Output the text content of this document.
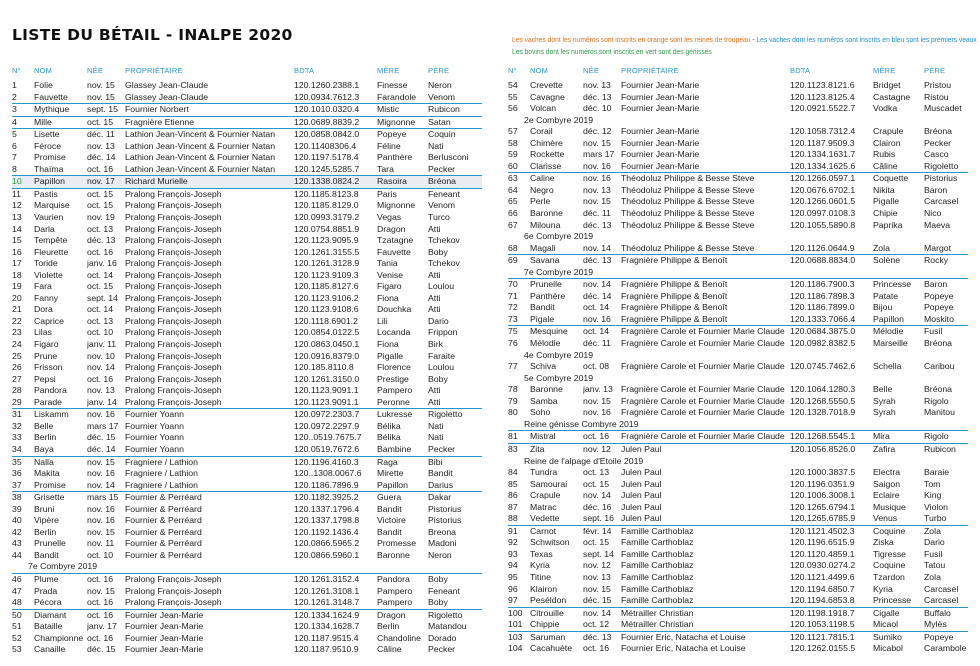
LISTE DU BÉTAIL - INALPE 2020	Les vaches dont les numéros sont inscrits en orange sont les reines de troupeau - Les vaches dont les numéros sont inscrits en bleu sont les premiers veaux
Les bovins dont les numéros sont inscrits en vert sont des génisses
N°	NOM	NÉE	PROPRIÉTAIRE	BDTA	MÈRE	PÈRE
1	Folie	nov. 15	Glassey Jean-Claude	120.1260.2388.1	Finesse	Neron
2	Fauvette	nov. 15	Glassey Jean-Claude	120.0934.7612.3	Farandole	Venom
3	Mythique	sept. 15 Fournier Norbert	120.1010.0320.4	Mistic	Rubicon
4	Mille	oct. 15	Fragnière Etienne	120.0689.8839.2	Mignonne	Satan
5	Lisette	déc. 11	Lathion Jean-Vincent & Fournier Natan	120.0858.0842.0	Popeye	Coquin
6	Féroce	nov. 13	Lathion Jean-Vincent & Fournier Natan	120.11408306.4	Féline	Nati
7	Promise	déc. 14	Lathion Jean-Vincent & Fournier Natan	120.1197.5178.4	Panthère	Berlusconi
8	Thaïma	oct. 16	Lathion Jean-Vincent & Fournier Natan	120.1245.5285.7	Tara	Pecker
10	Papillon	nov. 17	Richard Murielle	120.1338.0824.2	Rasoira	Bréona
11	Pastis	oct. 15	Pralong François-Joseph	120.1185.8123.8	Paris	Feneant
12	Marquise	oct. 15	Pralong François-Joseph	120.1185.8129.0	Mignonne	Venom
13	Vaurien	nov. 19	Pralong François-Joseph	120.0993.3179.2	Vegas	Turco
14	Darla	oct. 13	Pralong François-Joseph	120.0754.8851.9	Dragon	Atti
15	Tempête	déc. 13	Pralong François-Joseph	120.1123.9095.9	Tzatagne	Tchekov
16	Fleurette	oct. 16	Pralong François-Joseph	120.1261.3155.5	Fauvette	Boby
17	Toride	janv. 16 Pralong François-Joseph	120.1261.3128.9	Tania	Tchekov
18	Violette	oct. 14	Pralong François-Joseph	120.1123.9109.3	Venise	Atti
19	Fara	oct. 15	Pralong François-Joseph	120.1185.8127.6	Figaro	Loulou
20	Fanny	sept. 14 Pralong François-Joseph	120.1123.9106.2	Fiona	Atti
21	Dora	oct. 14	Pralong François-Joseph	120.1123.9108.6	Douchka	Atti
22	Caprice	oct. 13	Pralong François-Joseph	120.1118.6901.2	Lili	Dario
23	Lilas	oct. 10	Pralong François-Joseph	120.0854.0122.5	Locanda	Frippon
24	Figaro	janv. 11	Pralong François-Joseph	120.0863.0450.1	Fiona	Birk
25	Prune	nov. 10	Pralong François-Joseph	120.0916.8379.0	Pigalle	Faraite
26	Frisson	nov. 14	Pralong François-Joseph	120.185.8110.8	Florence	Loulou
27	Pepsi	oct. 16	Pralong François-Joseph	120.1261.3150.0	Prestige	Boby
28	Pandora	nov. 13	Pralong François-Joseph	120.1123.9091.1	Pampero	Atti
29	Parade	janv. 14 Pralong François-Joseph	120.1123.9091.1	Peronne	Atti
31	Liskamm	nov. 16	Fournier Yoann	120.0972.2303.7	Lukresse	Rigoletto
32	Belle	mars 17 Fournier Yoann	120.0972.2297.9	Bélika	Nati
33	Berlin	déc. 15	Fournier Yoann	120..0519.7675.7	Bélika	Nati
34	Baya	déc. 14	Fournier Yoann	120.0519.7672.6	Bambine	Pecker
35	Nalla	nov. 15	Fragniere / Lathion	120.1196.4160.3	Raga	Bibi
36	Makita	nov. 16	Fragniere / Lathion	120..1308.0067.6	Mirette	Bandit
37	Promise	nov. 14	Fragniere / Lathion	120.1186.7896.9	Papillon	Darius
38	Grisette	mars 15 Fournier & Perréard	120.1182.3925.2	Guera	Dakar
39	Bruni	nov. 16	Fournier & Perréard	120.1337.1796.4	Bandit	Pistorius
40	Vipère	nov. 16	Fournier & Perréard	120.1337.1798.8	Victoire	Pistorius
42	Berlin	nov. 15	Fournier & Perréard	120.1192.1436.4	Bandit	Breona
43	Prunelle	nov. 11	Fournier & Perréard	120.0866.5965.2	Promesse	Madoni
44	Bandit	oct. 10	Fournier & Perréard	120.0866.5960.1	Baronne	Neron
7e Combyre 2019
46	Plume	oct. 16	Pralong François-Joseph	120.1261.3152.4	Pandora	Boby
47	Prada	nov. 15	Pralong François-Joseph	120.1261.3108.1	Pampero	Feneant
48	Pécora	oct. 16	Pralong François-Joseph	120.1261.3148.7	Pampero	Boby
50	Diamant	oct. 16	Fournier Jean-Marie	120.1334.1624.9	Dragon	Rigoletto
51	Bataille	janv. 17 Fournier Jean-Marie	120.1334.1628.7	Berlin	Matandou
52	Championne oct. 16	Fournier Jean-Marie	120.1187.9515.4	Chandoline Dorado
53	Canaille	déc. 15	Fournier Jean-Marie	120.1187.9510.9	Câline	Pecker
N°	NOM	NÉE	PROPRIÉTAIRE	BDTA	MÈRE	PÈRE
54	Crevette	nov. 13	Fournier Jean-Marie	120.1123.8121.6	Bridget	Pristou
55	Cavagne	déc. 13	Fournier Jean-Marie	120.1123.8125.4	Castagne	Ristou
56	Volcan	déc. 10	Fournier Jean-Marie	120.0921.5522.7	Vodka	Muscadet
2e Combyre 2019
57	Corail	déc. 12	Fournier Jean-Marie	120.1058.7312.4	Crapule	Bréona
58	Chimère	nov. 15	Fournier Jean-Marie	120.1187.9509.3	Clairon	Pecker
59	Rockette	mars 17 Fournier Jean-Marie	120.1334.1631.7	Rubis	Casco
60	Clarisse	nov. 16	Fournier Jean-Marie	120.1334.1625.6	Câline	Rigoletto
63	Caline	nov. 16	Théodoluz Philippe & Besse Steve	120.1266.0597.1	Coquette	Pistorius
64	Negro	nov. 13	Théodoluz Philippe & Besse Steve	120.0676.6702.1	Nikita	Baron
65	Perle	nov. 15	Théodoluz Philippe & Besse Steve	120.1266.0601.5	Pigalle	Carcasel
66	Baronne	déc. 11	Théodoluz Philippe & Besse Steve	120.0997.0108.3	Chipie	Nico
67	Milouna	déc. 13	Théodoluz Philippe & Besse Steve	120.1055.5890.8	Paprika	Maeva
6e Combyre 2019
68	Magali	nov. 14	Théodoluz Philippe & Besse Steve	120.1126.0644.9	Zola	Margot
69	Savana	déc. 13	Fragnière Philippe & Benoît	120.0688.8834.0	Solène	Rocky
7e Combyre 2019
70	Prunelle	nov. 14	Fragnière Philippe & Benoît	120.1186.7900.3	Princesse	Baron
71	Panthère	déc. 14	Fragnière Philippe & Benoît	120.1186.7898.3	Patate	Popeye
72	Bandit	oct. 14	Fragnière Philippe & Benoît	120.1186.7899.0	Bijou	Popeye
73	Pigale	nov. 16	Fragnière Philippe & Benoît	120.1333.7066.4	Papillon	Moskito
75	Mesquine	oct. 14	Fragnière Carole et Fournier Marie Claude 120.0684.3875.0	Mélodie	Fusil
76	Mélodie	déc. 11	Fragnière Carole et Fournier Marie Claude 120.0982.8382.5	Marseille	Bréona
4e Combyre 2019
77	Schiva	oct. 08	Fragnière Carole et Fournier Marie Claude 120.0745.7462.6	Schella	Caribou
5e Combyre 2019
78	Baronne	janv. 13 Fragnière Carole et Fournier Marie Claude 120.1064.1280.3	Belle	Bréona
79	Samba	nov. 15	Fragnière Carole et Fournier Marie Claude 120.1268.5550.5	Syrah	Rigolo
80	Soho	nov. 16	Fragnière Carole et Fournier Marie Claude 120.1328.7018.9	Syrah	Manitou
Reine génisse Combyre 2019
81	Mistral	oct. 16	Fragnière Carole et Fournier Marie Claude 120.1268.5545.1	Mira	Rigolo
83	Zita	nov. 12	Julen Paul	120.1056.8526.0	Zafira	Rubicon
Reine de l'alpage d'Etoile 2019
84	Tundra	oct. 13	Julen Paul	120.1000.3837.5	Electra	Baraie
85	Samourai	oct. 15	Julen Paul	120.1196.0351.9	Saigon	Tom
86	Crapule	nov. 14	Julen Paul	120.1006.3008.1	Eclaire	King
87	Matrac	déc. 16	Julen Paul	120.1265.6794.1	Musique	Violon
88	Vedette	sept. 16 Julen Paul	120.1265.6785.9	Venus	Turbo
91	Carnot	févr. 14	Famille Carthoblaz	120.1121.4502.3	Coquine	Zola
92	Schwitson	oct. 15	Famille Carthoblaz	120.1196.6515.9	Ziska	Dario
93	Texas	sept. 14 Famille Carthoblaz	120.1120.4859.1	Tigresse	Fusil
94	Kyria	nov. 12	Famille Carthoblaz	120.0930.0274.2	Coquine	Tatou
95	Titine	nov. 13	Famille Carthoblaz	120.1121.4499.6	Tzardon	Zola
96	Klairon	nov. 15	Famille Carthoblaz	120.1194.6850.7	Kyria	Carcasel
97	Peséldon	déc. 15	Famille Carthoblaz	120.1194.6853.8	Princesse	Carcasel
100 Citrouille	nov. 14	Métrailler Christian	120.1198.1918.7	Cigalle	Buffalo
101 Chippie	oct. 12	Métrailler Christian	120.1053.1198.5	Micaol	Mylès
103 Saruman	déc. 13	Fournier Eric, Natacha et Louise	120.1121.7815.1	Sumiko	Popeye
104 Cacahuète	oct. 16	Fournier Eric, Natacha et Louise	120.1262.0155.5	Micabol	Carambole
